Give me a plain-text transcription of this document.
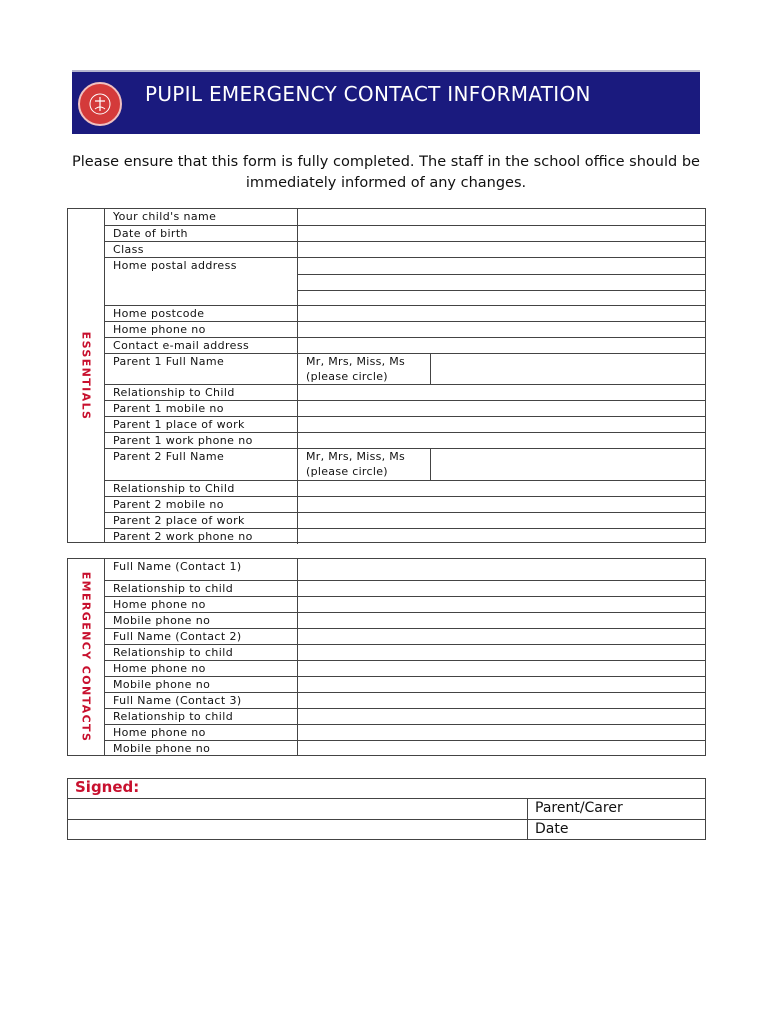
PUPIL EMERGENCY CONTACT INFORMATION
Please ensure that this form is fully completed. The staff in the school office should be immediately informed of any changes.
ESSENTIALS
Your child's name
Date of birth
Class
Home postal address
Home postcode
Home phone no
Contact e-mail address
Parent 1 Full Name	Mr, Mrs, Miss, Ms
(please circle)
Relationship to Child
Parent 1 mobile no
Parent 1 place of work
Parent 1 work phone no
Parent 2 Full Name	Mr, Mrs, Miss, Ms
(please circle)
Relationship to Child
Parent 2 mobile no
Parent 2 place of work
Parent 2 work phone no
EMERGENCY CONTACTS
Full Name (Contact 1)
Relationship to child
Home phone no
Mobile phone no
Full Name (Contact 2)
Relationship to child
Home phone no
Mobile phone no
Full Name (Contact 3)
Relationship to child
Home phone no
Mobile phone no
Signed:
Parent/Carer
Date
